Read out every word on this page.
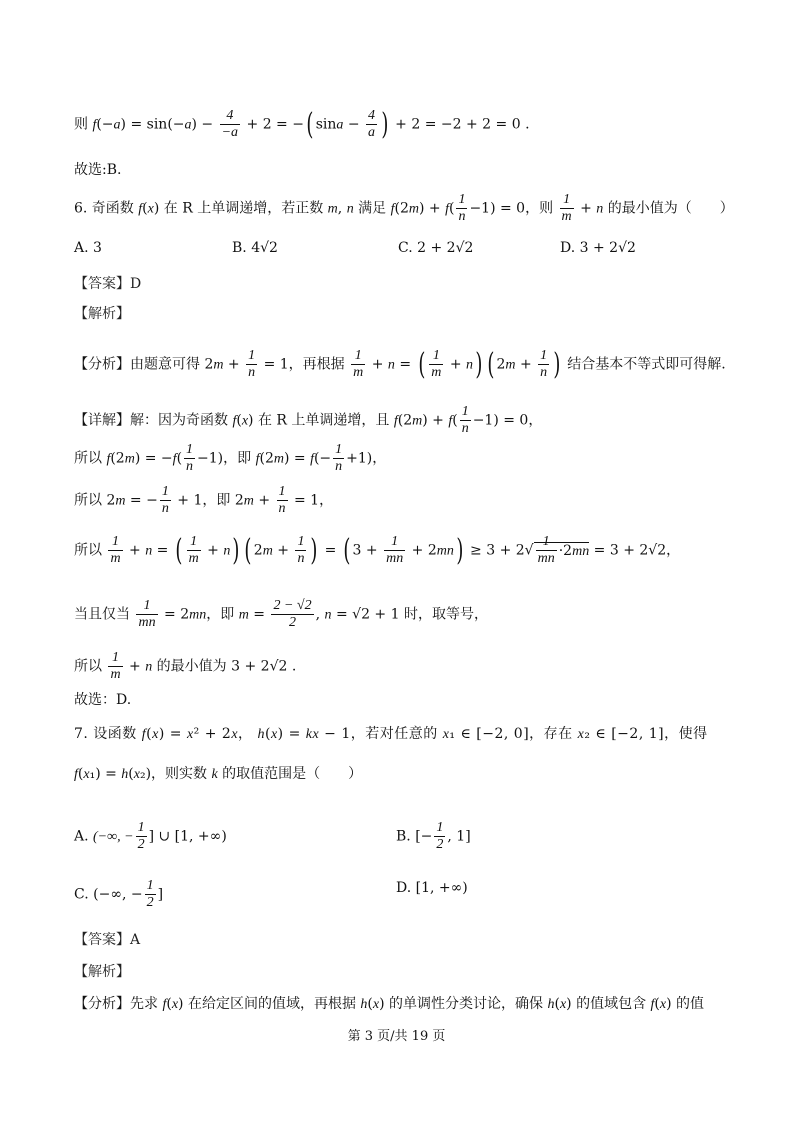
则 $f(-a) = \sin(-a) - \frac{4}{-a} + 2$ = −( $\sin a - \frac{4}{a}$ ) + 2 = −2 + 2 = 0 .
故选:B.
6. 奇函数 f(x) 在 R 上单调递增，若正数 m, n 满足 $f(2m) + f( \frac{1}{n} -1) = 0$，则 $\frac{1}{m} + n$ 的最小值为（　　）
A. 3	B. 4√2	C. 2 + 2√2	D. 3 + 2√2
【答案】D
【解析】
【分析】由题意可得 $2m + \frac{1}{n} = 1$，再根据 $\frac{1}{m} + n$ = ( $\frac{1}{m} + n$) ( $2m + \frac{1}{n}$ ) 结合基本不等式即可得解.
【详解】解：因为奇函数 f(x) 在 R 上单调递增，且 $f(2m) + f( \frac{1}{n} -1) = 0$，
所以 $f(2m) = -f( \frac{1}{n} -1)$，即 $f(2m) = f(- \frac{1}{n} +1)$，
所以 2m = − $\frac{1}{n} + 1$，即 $2m + \frac{1}{n} = 1$，
所以 $\frac{1}{m} + n$ = ( $\frac{1}{m} + n$) ( $2m + \frac{1}{n}$ ) = ( $3 + \frac{1}{mn} + 2mn) \ge 3 + 2√ \frac{1}{mn} \cdot 2mn = 3 + 2√2$，
当且仅当 $\frac{1}{mn} = 2mn$，即 $m = \frac{2 - √2}{2}$ , n = √2 + 1 时，取等号，
所以 $\frac{1}{m} + n$ 的最小值为 3 + 2√2 .
故选：D.
7. 设函数 f(x) = x² + 2x， h(x) = kx − 1，若对任意的 x₁ ∈ [−2, 0]，存在 x₂ ∈ [−2, 1]，使得
f(x₁) = h(x₂)，则实数 k 的取值范围是（　　）
A. (−∞, − $\frac{1}{2}$ ] ∪ [1, +∞)	B. [− $\frac{1}{2}$ , 1]
C. (−∞, − $\frac{1}{2}$ ]	D. [1, +∞)
【答案】A
【解析】
【分析】先求 f(x) 在给定区间的值域，再根据 h(x) 的单调性分类讨论，确保 h(x) 的值域包含 f(x) 的值
第 3 页/共 19 页
